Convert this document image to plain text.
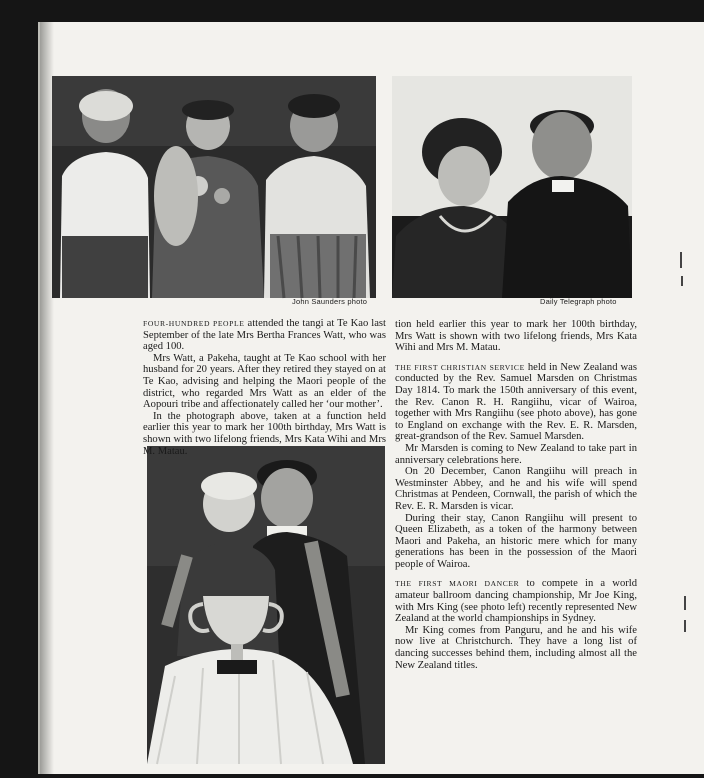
John Saunders photo	Daily Telegraph photo

FOUR-HUNDRED PEOPLE attended the tangi at Te Kao last September of the late Mrs Bertha Frances Watt, who was aged 100.

Mrs Watt, a Pakeha, taught at Te Kao school with her husband for 20 years. After they retired they stayed on at Te Kao, advising and helping the Maori people of the district, who regarded Mrs Watt as an elder of the Aopouri tribe and affectionately called her ‘our mother’.

In the photograph above, taken at a function held earlier this year to mark her 100th birthday, Mrs Watt is shown with two lifelong friends, Mrs Kata Wihi and Mrs M. Matau.

tion held earlier this year to mark her 100th birthday, Mrs Watt is shown with two lifelong friends, Mrs Kata Wihi and Mrs M. Matau.

THE FIRST CHRISTIAN SERVICE held in New Zealand was conducted by the Rev. Samuel Marsden on Christmas Day 1814. To mark the 150th anniversary of this event, the Rev. Canon R. H. Rangiihu, vicar of Wairoa, together with Mrs Rangiihu (see photo above), has gone to England on exchange with the Rev. E. R. Marsden, great-grandson of the Rev. Samuel Marsden.

Mr Marsden is coming to New Zealand to take part in anniversary celebrations here.

On 20 December, Canon Rangiihu will preach in Westminster Abbey, and he and his wife will spend Christmas at Pendeen, Cornwall, the parish of which the Rev. E. R. Marsden is vicar.

During their stay, Canon Rangiihu will present to Queen Elizabeth, as a token of the harmony between Maori and Pakeha, an historic mere which for many generations has been in the possession of the Maori people of Wairoa.

THE FIRST MAORI DANCER to compete in a world amateur ballroom dancing championship, Mr Joe King, with Mrs King (see photo left) recently represented New Zealand at the world championships in Sydney.

Mr King comes from Panguru, and he and his wife now live at Christchurch. They have a long list of dancing successes behind them, including almost all the New Zealand titles.
